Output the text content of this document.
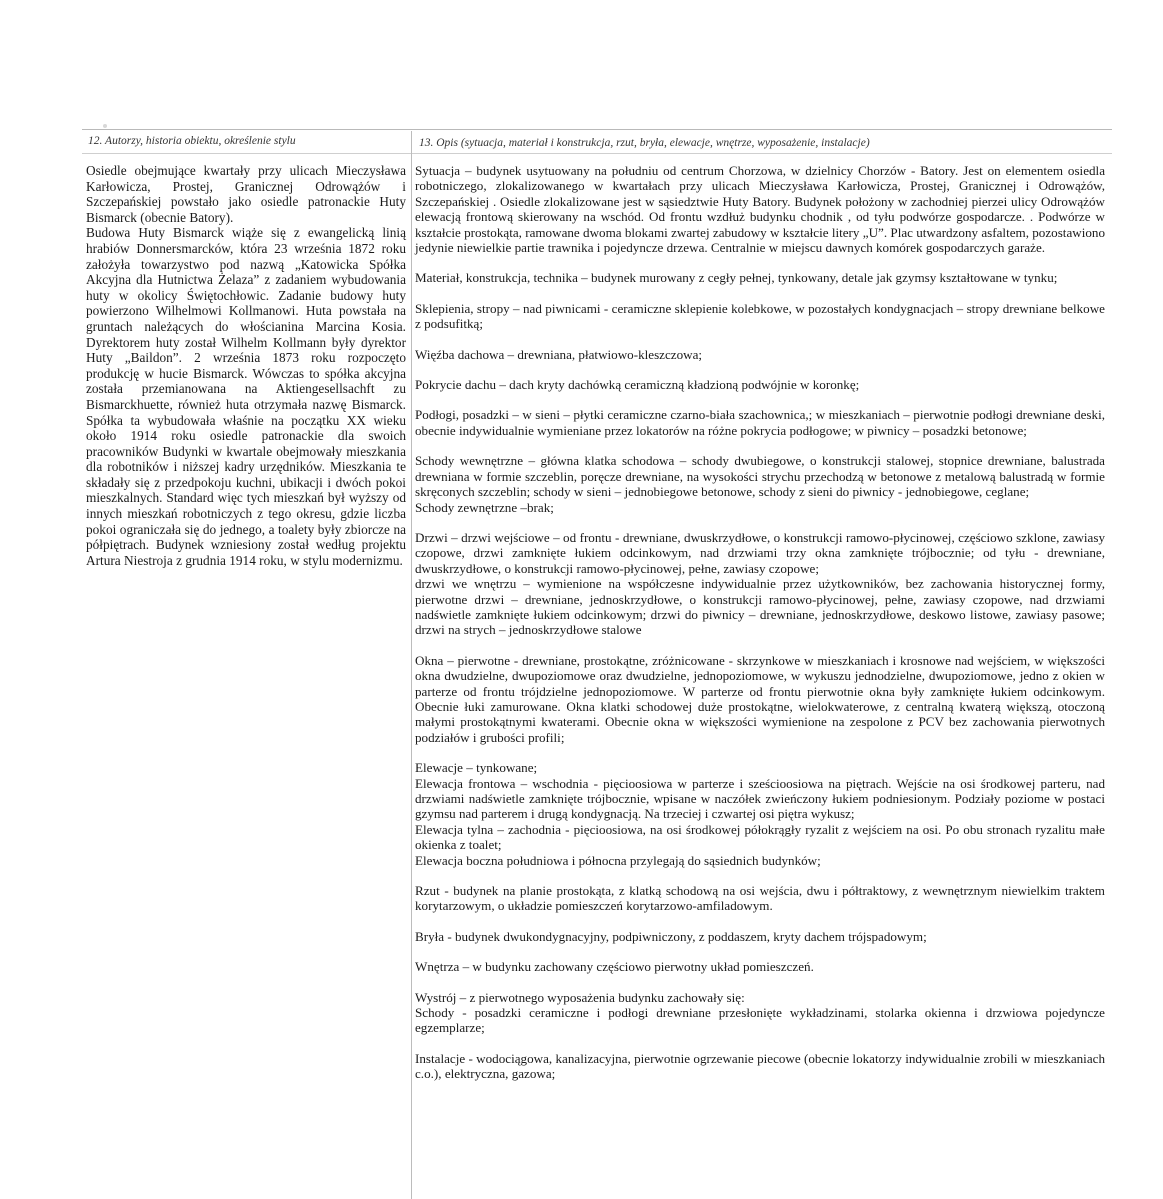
12. Autorzy, historia obiektu, określenie stylu	13. Opis (sytuacja, materiał i konstrukcja, rzut, bryła, elewacje, wnętrze, wyposażenie, instalacje)

Osiedle obejmujące kwartały przy ulicach Mieczysława Karłowicza, Prostej, Granicznej Odrowążów i Szczepańskiej powstało jako osiedle patronackie Huty Bismarck (obecnie Batory).

Budowa Huty Bismarck wiąże się z ewangelicką linią hrabiów Donnersmarcków, która 23 września 1872 roku założyła towarzystwo pod nazwą „Katowicka Spółka Akcyjna dla Hutnictwa Żelaza” z zadaniem wybudowania huty w okolicy Świętochłowic. Zadanie budowy huty powierzono Wilhelmowi Kollmanowi. Huta powstała na gruntach należących do włościanina Marcina Kosia. Dyrektorem huty został Wilhelm Kollmann były dyrektor Huty „Baildon”. 2 września 1873 roku rozpoczęto produkcję w hucie Bismarck. Wówczas to spółka akcyjna została przemianowana na Aktiengesellsachft zu Bismarckhuette, również huta otrzymała nazwę Bismarck. Spółka ta wybudowała właśnie na początku XX wieku około 1914 roku osiedle patronackie dla swoich pracowników Budynki w kwartale obejmowały mieszkania dla robotników i niższej kadry urzędników. Mieszkania te składały się z przedpokoju kuchni, ubikacji i dwóch pokoi mieszkalnych. Standard więc tych mieszkań był wyższy od innych mieszkań robotniczych z tego okresu, gdzie liczba pokoi ograniczała się do jednego, a toalety były zbiorcze na półpiętrach. Budynek wzniesiony został według projektu Artura Niestroja z grudnia 1914 roku, w stylu modernizmu.

Sytuacja – budynek usytuowany na południu od centrum Chorzowa, w dzielnicy Chorzów - Batory. Jest on elementem osiedla robotniczego, zlokalizowanego w kwartałach przy ulicach Mieczysława Karłowicza, Prostej, Granicznej i Odrowążów, Szczepańskiej . Osiedle zlokalizowane jest w sąsiedztwie Huty Batory. Budynek położony w zachodniej pierzei ulicy Odrowążów elewacją frontową skierowany na wschód. Od frontu wzdłuż budynku chodnik , od tyłu podwórze gospodarcze. . Podwórze w kształcie prostokąta, ramowane dwoma blokami zwartej zabudowy w kształcie litery „U”. Plac utwardzony asfaltem, pozostawiono jedynie niewielkie partie trawnika i pojedyncze drzewa. Centralnie w miejscu dawnych komórek gospodarczych garaże.

Materiał, konstrukcja, technika – budynek murowany z cegły pełnej, tynkowany, detale jak gzymsy kształtowane w tynku;

Sklepienia, stropy – nad piwnicami - ceramiczne sklepienie kolebkowe, w pozostałych kondygnacjach – stropy drewniane belkowe z podsufitką;

Więźba dachowa – drewniana, płatwiowo-kleszczowa;

Pokrycie dachu – dach kryty dachówką ceramiczną kładzioną podwójnie w koronkę;

Podłogi, posadzki – w sieni – płytki ceramiczne czarno-biała szachownica,; w mieszkaniach – pierwotnie podłogi drewniane deski, obecnie indywidualnie wymieniane przez lokatorów na różne pokrycia podłogowe; w piwnicy – posadzki betonowe;

Schody wewnętrzne – główna klatka schodowa – schody dwubiegowe, o konstrukcji stalowej, stopnice drewniane, balustrada drewniana w formie szczeblin, poręcze drewniane, na wysokości strychu przechodzą w betonowe z metalową balustradą w formie skręconych szczeblin; schody w sieni – jednobiegowe betonowe, schody z sieni do piwnicy - jednobiegowe, ceglane;

Schody zewnętrzne –brak;

Drzwi – drzwi wejściowe – od frontu - drewniane, dwuskrzydłowe, o konstrukcji ramowo-płycinowej, częściowo szklone, zawiasy czopowe, drzwi zamknięte łukiem odcinkowym, nad drzwiami trzy okna zamknięte trójbocznie; od tyłu - drewniane, dwuskrzydłowe, o konstrukcji ramowo-płycinowej, pełne, zawiasy czopowe;

drzwi we wnętrzu – wymienione na współczesne indywidualnie przez użytkowników, bez zachowania historycznej formy, pierwotne drzwi – drewniane, jednoskrzydłowe, o konstrukcji ramowo-płycinowej, pełne, zawiasy czopowe, nad drzwiami nadświetle zamknięte łukiem odcinkowym; drzwi do piwnicy – drewniane, jednoskrzydłowe, deskowo listowe, zawiasy pasowe; drzwi na strych – jednoskrzydłowe stalowe

Okna – pierwotne - drewniane, prostokątne, zróżnicowane - skrzynkowe w mieszkaniach i krosnowe nad wejściem, w większości okna dwudzielne, dwupoziomowe oraz dwudzielne, jednopoziomowe, w wykuszu jednodzielne, dwupoziomowe, jedno z okien w parterze od frontu trójdzielne jednopoziomowe. W parterze od frontu pierwotnie okna były zamknięte łukiem odcinkowym. Obecnie łuki zamurowane. Okna klatki schodowej duże prostokątne, wielokwaterowe, z centralną kwaterą większą, otoczoną małymi prostokątnymi kwaterami. Obecnie okna w większości wymienione na zespolone z PCV bez zachowania pierwotnych podziałów i grubości profili;

Elewacje – tynkowane;

Elewacja frontowa – wschodnia - pięcioosiowa w parterze i sześcioosiowa na piętrach. Wejście na osi środkowej parteru, nad drzwiami nadświetle zamknięte trójbocznie, wpisane w naczółek zwieńczony łukiem podniesionym. Podziały poziome w postaci gzymsu nad parterem i drugą kondygnacją. Na trzeciej i czwartej osi piętra wykusz;

Elewacja tylna – zachodnia - pięcioosiowa, na osi środkowej półokrągły ryzalit z wejściem na osi. Po obu stronach ryzalitu małe okienka z toalet;

Elewacja boczna południowa i północna przylegają do sąsiednich budynków;

Rzut - budynek na planie prostokąta, z klatką schodową na osi wejścia, dwu i półtraktowy, z wewnętrznym niewielkim traktem korytarzowym, o układzie pomieszczeń korytarzowo-amfiladowym.

Bryła - budynek dwukondygnacyjny, podpiwniczony, z poddaszem, kryty dachem trójspadowym;

Wnętrza – w budynku zachowany częściowo pierwotny układ pomieszczeń.

Wystrój – z pierwotnego wyposażenia budynku zachowały się:

Schody - posadzki ceramiczne i podłogi drewniane przesłonięte wykładzinami, stolarka okienna i drzwiowa pojedyncze egzemplarze;

Instalacje - wodociągowa, kanalizacyjna, pierwotnie ogrzewanie piecowe (obecnie lokatorzy indywidualnie zrobili w mieszkaniach c.o.), elektryczna, gazowa;
